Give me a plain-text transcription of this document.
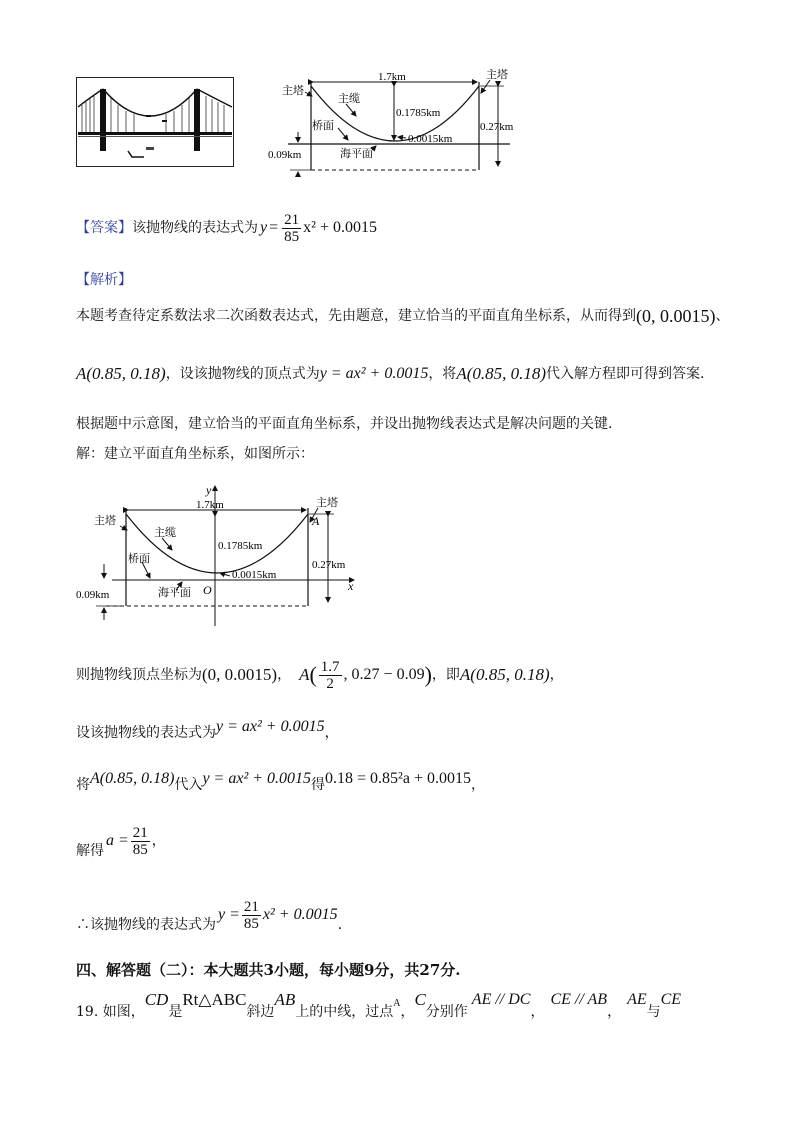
1.7km
主塔
主塔
主缆
桥面
海平面
0.1785km
0.27km
0.0015km
0.09km
【答案】 该抛物线的表达式为 $y = \frac{21}{85} x^2 + 0.0015$
【解析】
本题考查待定系数法求二次函数表达式，先由题意，建立恰当的平面直角坐标系，从而得到 (0, 0.0015) 、
A(0.85, 0.18) ，设该抛物线的顶点式为 y = ax² + 0.0015 ，将 A(0.85, 0.18) 代入解方程即可得到答案.
根据题中示意图，建立恰当的平面直角坐标系，并设出抛物线表达式是解决问题的关键.
解：建立平面直角坐标系，如图所示：
y
x
O
A
1.7km
主塔
主塔
主缆
桥面
海平面
0.1785km
0.27km
0.0015km
0.09km
则抛物线顶点坐标为 (0, 0.0015) ， A ( $\frac{1.7}{2}$ , 0.27 − 0.09 ) ，即 A(0.85, 0.18) ，
设该抛物线的表达式为 y = ax² + 0.0015 ，
将 A(0.85, 0.18) 代入 y = ax² + 0.0015 得 0.18 = 0.85²a + 0.0015 ，
解得
$a = \frac{21}{85}$ ，
∴该抛物线的表达式为
$y = \frac{21}{85} x^2 + 0.0015$
.
四、解答题（二）：本大题共3小题，每小题9分，共27分.
19. 如图，
CD
是
Rt△ABC
斜边
AB
上的中线，过点
A
，
C
分别作
AE // DC
，
CE // AB
，
AE
与
CE
